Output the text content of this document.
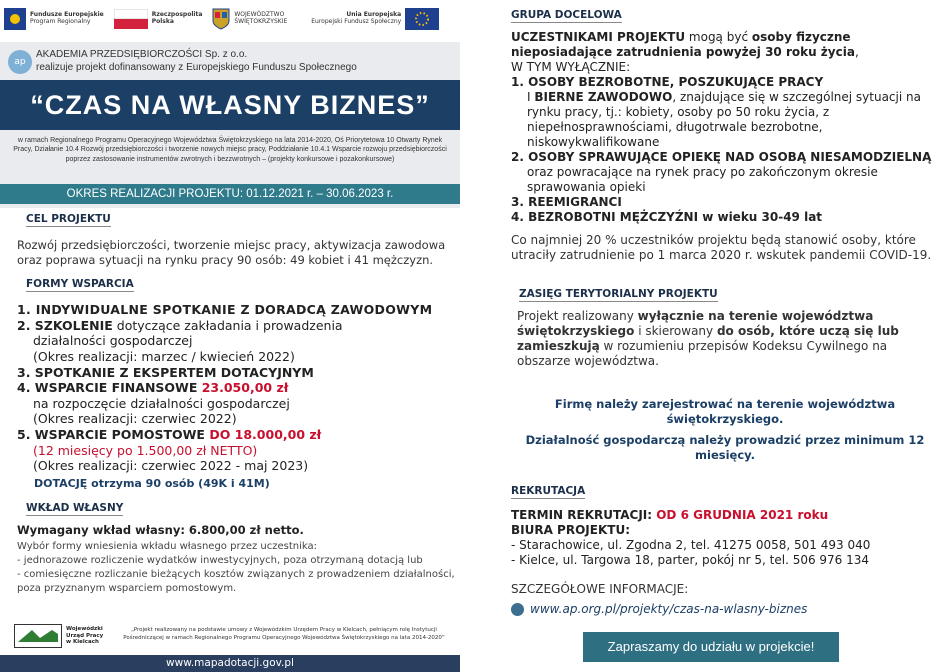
Fundusze Europejskie
Program Regionalny
Rzeczpospolita
Polska
WOJEWÓDZTWO
ŚWIĘTOKRZYSKIE
Unia Europejska
Europejski Fundusz Społeczny
ap
AKADEMIA PRZEDSIĘBIORCZOŚCI Sp. z o.o.
realizuje projekt dofinansowany z Europejskiego Funduszu Społecznego
“CZAS NA WŁASNY BIZNES”
w ramach Regionalnego Programu Operacyjnego Województwa Świętokrzyskiego na lata 2014-2020, Oś Priorytetowa 10 Otwarty Rynek Pracy, Działanie 10.4 Rozwój przedsiębiorczości i tworzenie nowych miejsc pracy, Poddziałanie 10.4.1 Wsparcie rozwoju przedsiębiorczości poprzez zastosowanie instrumentów zwrotnych i bezzwrotnych – (projekty konkursowe i pozakonkursowe)
OKRES REALIZACJI PROJEKTU: 01.12.2021 r. – 30.06.2023 r.
CEL PROJEKTU
Rozwój przedsiębiorczości, tworzenie miejsc pracy, aktywizacja zawodowa oraz poprawa sytuacji na rynku pracy 90 osób: 49 kobiet i 41 mężczyzn.
FORMY WSPARCIA
1. INDYWIDUALNE SPOTKANIE Z DORADCĄ ZAWODOWYM
2. SZKOLENIE dotyczące zakładania i prowadzenia
działalności gospodarczej
(Okres realizacji: marzec / kwiecień 2022)
3. SPOTKANIE Z EKSPERTEM DOTACYJNYM
4. WSPARCIE FINANSOWE 23.050,00 zł
na rozpoczęcie działalności gospodarczej
(Okres realizacji: czerwiec 2022)
5. WSPARCIE POMOSTOWE DO 18.000,00 zł
(12 miesięcy po 1.500,00 zł NETTO)
(Okres realizacji: czerwiec 2022 - maj 2023)
DOTACJĘ otrzyma 90 osób (49K i 41M)
WKŁAD WŁASNY
Wymagany wkład własny: 6.800,00 zł netto.
Wybór formy wniesienia wkładu własnego przez uczestnika:
- jednorazowe rozliczenie wydatków inwestycyjnych, poza otrzymaną dotacją lub
- comiesięczne rozliczanie bieżących kosztów związanych z prowadzeniem działalności, poza przyznanym wsparciem pomostowym.
Wojewódzki
Urząd Pracy
w Kielcach
„Projekt realizowany na podstawie umowy z Wojewódzkim Urzędem Pracy w Kielcach, pełniącym rolę Instytucji Pośredniczącej w ramach Regionalnego Programu Operacyjnego Województwa Świętokrzyskiego na lata 2014-2020”
www.mapadotacji.gov.pl
GRUPA DOCELOWA
UCZESTNIKAMI PROJEKTU mogą być osoby fizyczne nieposiadające zatrudnienia powyżej 30 roku życia,
W TYM WYŁĄCZNIE:
1. OSOBY BEZROBOTNE, POSZUKUJĄCE PRACY
I BIERNE ZAWODOWO, znajdujące się w szczególnej sytuacji na rynku pracy, tj.: kobiety, osoby po 50 roku życia, z niepełnosprawnościami, długotrwale bezrobotne, niskowykwalifikowane
2. OSOBY SPRAWUJĄCE OPIEKĘ NAD OSOBĄ NIESAMODZIELNĄ
oraz powracające na rynek pracy po zakończonym okresie sprawowania opieki
3. REEMIGRANCI
4. BEZROBOTNI MĘŻCZYŹNI w wieku 30-49 lat
Co najmniej 20 % uczestników projektu będą stanowić osoby, które utraciły zatrudnienie po 1 marca 2020 r. wskutek pandemii COVID-19.
ZASIĘG TERYTORIALNY PROJEKTU
Projekt realizowany wyłącznie na terenie województwa świętokrzyskiego i skierowany do osób, które uczą się lub zamieszkują w rozumieniu przepisów Kodeksu Cywilnego na obszarze województwa.
Firmę należy zarejestrować na terenie województwa świętokrzyskiego.
Działalność gospodarczą należy prowadzić przez minimum 12 miesięcy.
REKRUTACJA
TERMIN REKRUTACJI: OD 6 GRUDNIA 2021 roku
BIURA PROJEKTU:
- Starachowice, ul. Zgodna 2, tel. 41275 0058, 501 493 040
- Kielce, ul. Targowa 18, parter, pokój nr 5, tel. 506 976 134
SZCZEGÓŁOWE INFORMACJE:
www.ap.org.pl/projekty/czas-na-wlasny-biznes
Zapraszamy do udziału w projekcie!
